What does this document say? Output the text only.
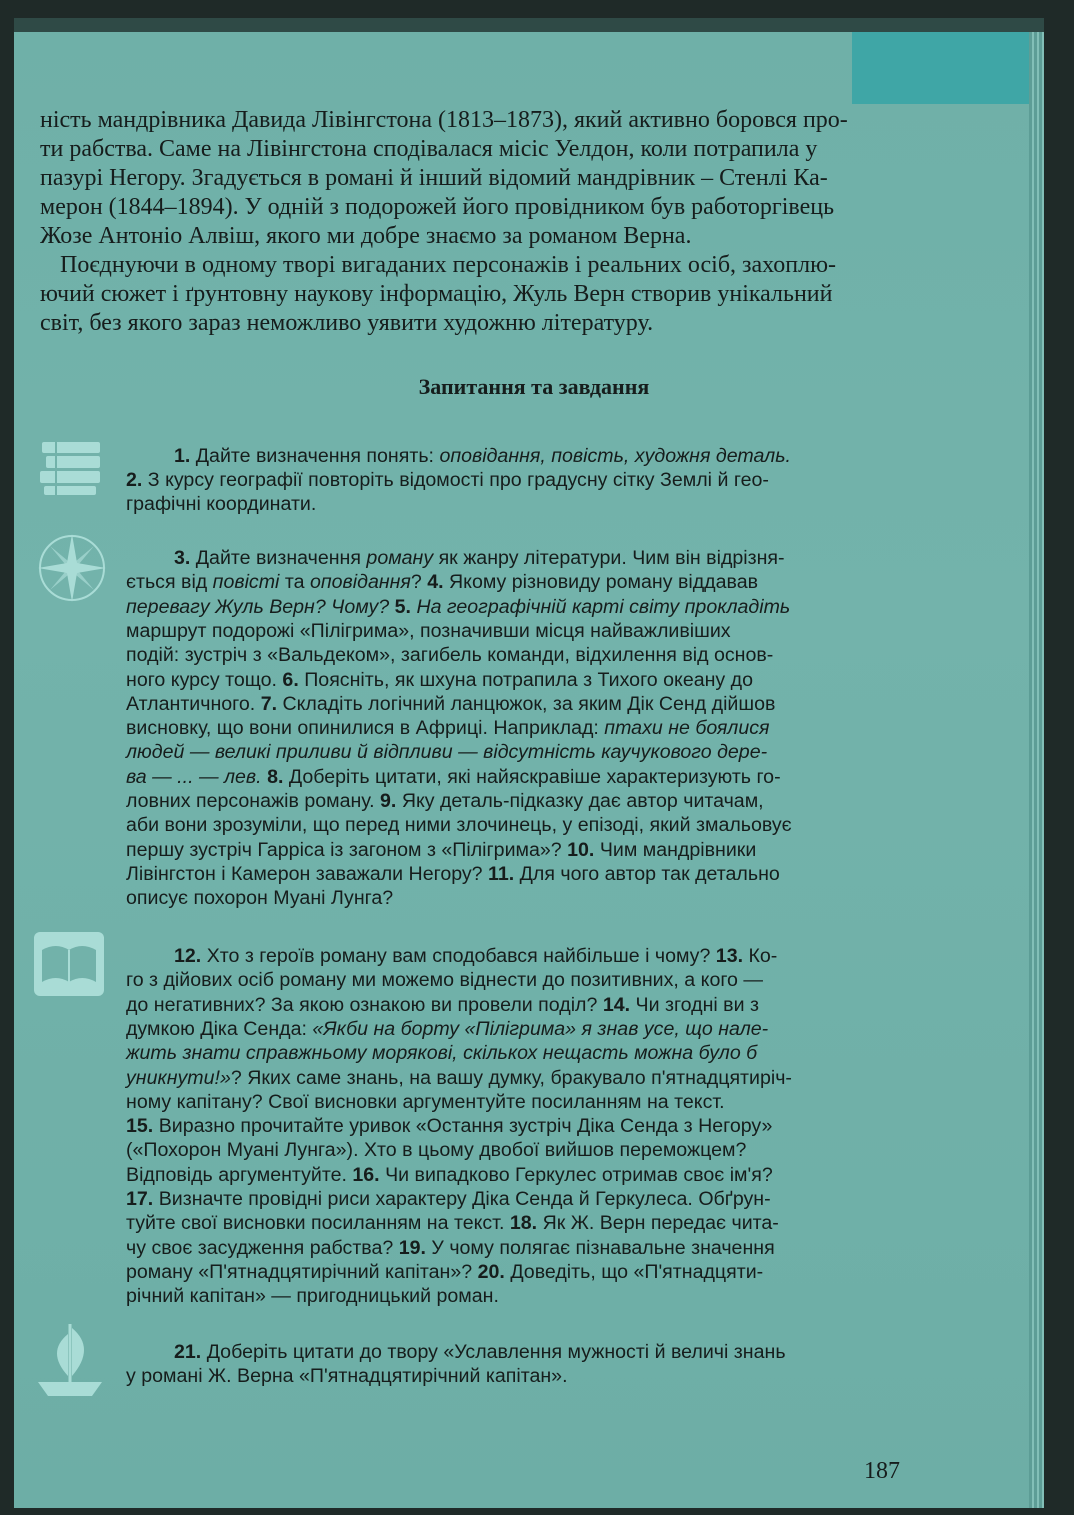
ність мандрівника Давида Лівінгстона (1813–1873), який активно боровся про-
ти рабства. Саме на Лівінгстона сподівалася місіс Уелдон, коли потрапила у
пазурі Негору. Згадується в романі й інший відомий мандрівник – Стенлі Ка-
мерон (1844–1894). У одній з подорожей його провідником був работоргівець
Жозе Антоніо Алвіш, якого ми добре знаємо за романом Верна.
Поєднуючи в одному творі вигаданих персонажів і реальних осіб, захоплю-
ючий сюжет і ґрунтовну наукову інформацію, Жуль Верн створив унікальний
світ, без якого зараз неможливо уявити художню літературу.
Запитання та завдання
1. Дайте визначення понять: оповідання, повість, художня деталь.
2. З курсу географії повторіть відомості про градусну сітку Землі й гео-
графічні координати.
3. Дайте визначення роману як жанру літератури. Чим він відрізня-
ється від повісті та оповідання? 4. Якому різновиду роману віддавав
перевагу Жуль Верн? Чому? 5. На географічній карті світу прокладіть
маршрут подорожі «Пілігрима», позначивши місця найважливіших
подій: зустріч з «Вальдеком», загибель команди, відхилення від основ-
ного курсу тощо. 6. Поясніть, як шхуна потрапила з Тихого океану до
Атлантичного. 7. Складіть логічний ланцюжок, за яким Дік Сенд дійшов
висновку, що вони опинилися в Африці. Наприклад: птахи не боялися
людей — великі приливи й відпливи — відсутність каучукового дере-
ва — ... — лев. 8. Доберіть цитати, які найяскравіше характеризують го-
ловних персонажів роману. 9. Яку деталь-підказку дає автор читачам,
аби вони зрозуміли, що перед ними злочинець, у епізоді, який змальовує
першу зустріч Гарріса із загоном з «Пілігрима»? 10. Чим мандрівники
Лівінгстон і Камерон заважали Негору? 11. Для чого автор так детально
описує похорон Муані Лунга?
12. Хто з героїв роману вам сподобався найбільше і чому? 13. Ко-
го з дійових осіб роману ми можемо віднести до позитивних, а кого —
до негативних? За якою ознакою ви провели поділ? 14. Чи згодні ви з
думкою Діка Сенда: «Якби на борту «Пілігрима» я знав усе, що нале-
жить знати справжньому морякові, скількох нещасть можна було б
уникнути!»? Яких саме знань, на вашу думку, бракувало п'ятнадцятиріч-
ному капітану? Свої висновки аргументуйте посиланням на текст.
15. Виразно прочитайте уривок «Остання зустріч Діка Сенда з Негору»
(«Похорон Муані Лунга»). Хто в цьому двобої вийшов переможцем?
Відповідь аргументуйте. 16. Чи випадково Геркулес отримав своє ім'я?
17. Визначте провідні риси характеру Діка Сенда й Геркулеса. Обґрун-
туйте свої висновки посиланням на текст. 18. Як Ж. Верн передає чита-
чу своє засудження рабства? 19. У чому полягає пізнавальне значення
роману «П'ятнадцятирічний капітан»? 20. Доведіть, що «П'ятнадцяти-
річний капітан» — пригодницький роман.
21. Доберіть цитати до твору «Уславлення мужності й величі знань
у романі Ж. Верна «П'ятнадцятирічний капітан».
187
